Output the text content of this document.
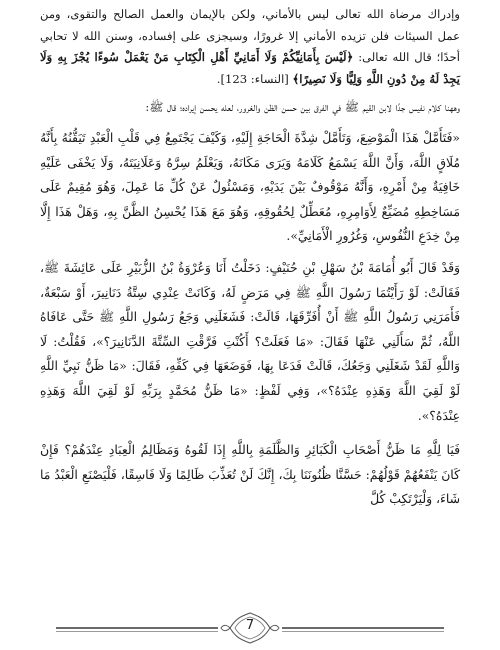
وإدراك مرضاة الله تعالى ليس بالأماني، ولكن بالإيمان والعمل الصالح والتقوى، ومن عمل السيئات فلن تزيده الأماني إلا غرورًا، وسيجزى على إفساده، وسنن الله لا تحابي أحدًا؛ قال الله تعالى: ﴿لَيْسَ بِأَمَانِيِّكُمْ وَلَا أَمَانِيِّ أَهْلِ الْكِتَابِ مَنْ يَعْمَلْ سُوءًا يُجْزَ بِهِ وَلَا يَجِدْ لَهُ مِنْ دُونِ اللَّهِ وَلِيًّا وَلَا نَصِيرًا﴾ [النساء: 123].

وههنا كلام نفيس جدًا لابن القيم ﷺ في الفرق بين حسن الظن والغرور، لعله يحسن إيراده؛ قال ﷺ:

«فَتَأَمَّلْ هَذَا الْمَوْضِعَ، وَتَأَمَّلْ شِدَّةَ الْحَاجَةِ إِلَيْهِ، وَكَيْفَ يَجْتَمِعُ فِي قَلْبِ الْعَبْدِ تَيَقُّنُهُ بِأَنَّهُ مُلَاقٍ اللَّهَ، وَأَنَّ اللَّهَ يَسْمَعُ كَلَامَهُ وَيَرَى مَكَانَهُ، وَيَعْلَمُ سِرَّهُ وَعَلَانِيَتَهُ، وَلَا يَخْفَى عَلَيْهِ خَافِيَةٌ مِنْ أَمْرِهِ، وَأَنَّهُ مَوْقُوفٌ بَيْنَ يَدَيْهِ، وَمَسْئُولٌ عَنْ كُلِّ مَا عَمِلَ، وَهُوَ مُقِيمٌ عَلَى مَسَاخِطِهِ مُضَيِّعٌ لِأَوَامِرِهِ، مُعَطِّلٌ لِحُقُوقِهِ، وَهُوَ مَعَ هَذَا يُحْسِنُ الظَّنَّ بِهِ، وَهَلْ هَذَا إِلَّا مِنْ خِدَعِ النُّفُوسِ، وَغُرُورِ الْأَمَانِيِّ».

وَقَدْ قَالَ أَبُو أُمَامَةَ بْنُ سَهْلِ بْنِ حُنَيْفٍ: دَخَلْتُ أَنَا وَعُرْوَةُ بْنُ الزُّبَيْرِ عَلَى عَائِشَةَ ﷺ، فَقَالَتْ: لَوْ رَأَيْتُمَا رَسُولَ اللَّهِ ﷺ فِي مَرَضٍ لَهُ، وَكَانَتْ عِنْدِي سِتَّةُ دَنَانِيرَ، أَوْ سَبْعَةٌ، فَأَمَرَنِي رَسُولُ اللَّهِ ﷺ أَنْ أُفَرِّقَهَا، قَالَتْ: فَشَغَلَنِي وَجَعُ رَسُولِ اللَّهِ ﷺ حَتَّى عَافَاهُ اللَّهُ، ثُمَّ سَأَلَنِي عَنْهَا فَقَالَ: «مَا فَعَلَتْ؟ أَكُنْتِ فَرَّقْتِ السِّتَّةَ الدَّنَانِيرَ؟»، فَقُلْتُ: لَا وَاللَّهِ لَقَدْ شَغَلَنِي وَجَعُكَ، قَالَتْ فَدَعَا بِهَا، فَوَضَعَهَا فِي كَفِّهِ، فَقَالَ: «مَا ظَنُّ نَبِيِّ اللَّهِ لَوْ لَقِيَ اللَّهَ وَهَذِهِ عِنْدَهُ؟»، وَفِي لَفْظٍ: «مَا ظَنُّ مُحَمَّدٍ بِرَبِّهِ لَوْ لَقِيَ اللَّهَ وَهَذِهِ عِنْدَهُ؟».

فَيَا لِلَّهِ مَا ظَنُّ أَصْحَابِ الْكَبَائِرِ وَالظَّلَمَةِ بِاللَّهِ إِذَا لَقُوهُ وَمَظَالِمُ الْعِبَادِ عِنْدَهُمْ؟ فَإِنْ كَانَ يَنْفَعُهُمْ قَوْلُهُمْ: حَسَّنَّا ظُنُونَنَا بِكَ، إِنَّكَ لَنْ تُعَذِّبَ ظَالِمًا وَلَا فَاسِقًا، فَلْيَصْنَعِ الْعَبْدُ مَا شَاءَ، وَلْيَرْتَكِبْ كُلَّ

7
